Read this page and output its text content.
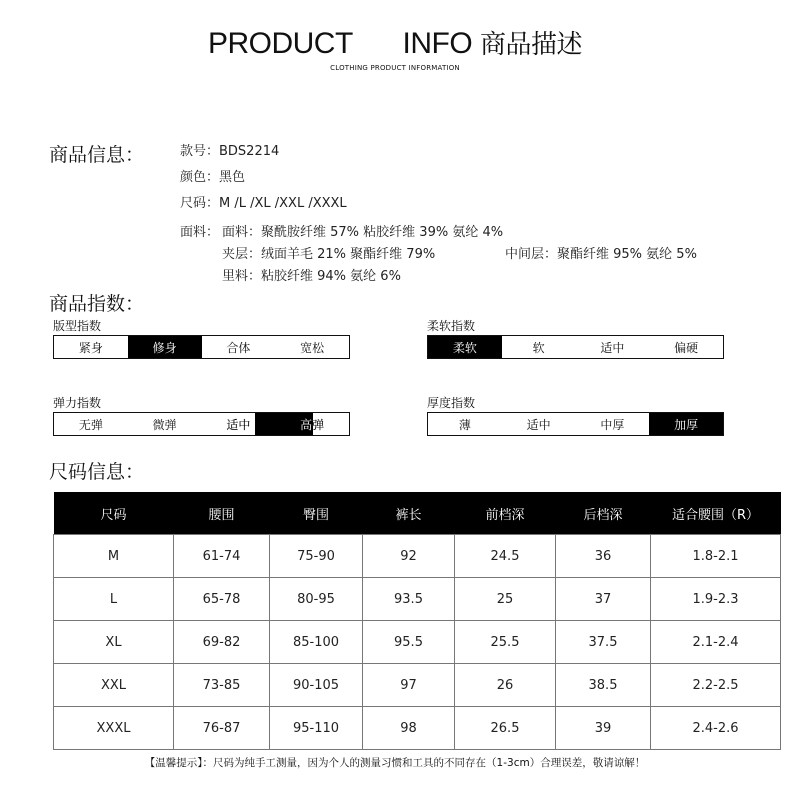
PRODUCT INFO 商品描述
CLOTHING PRODUCT INFORMATION
商品信息：	款号：BDS2214
颜色：黑色
尺码：M /L /XL /XXL /XXXL
面料： 面料：聚酰胺纤维 57% 粘胶纤维 39% 氨纶 4%
夹层：绒面羊毛 21% 聚酯纤维 79%	中间层：聚酯纤维 95% 氨纶 5%
里料：粘胶纤维 94% 氨纶 6%
商品指数：
版型指数
紧身	修身	合体	宽松
柔软指数
柔软	软	适中	偏硬
弹力指数
无弹	微弹	适中	高弹
厚度指数
薄	适中	中厚	加厚
尺码信息：
尺码	腰围	臀围	裤长	前档深	后档深	适合腰围（R）
M	61-74	75-90	92	24.5	36	1.8-2.1
L	65-78	80-95	93.5	25	37	1.9-2.3
XL	69-82	85-100	95.5	25.5	37.5	2.1-2.4
XXL	73-85	90-105	97	26	38.5	2.2-2.5
XXXL	76-87	95-110	98	26.5	39	2.4-2.6
【温馨提示】：尺码为纯手工测量，因为个人的测量习惯和工具的不同存在（1-3cm）合理误差，敬请谅解！
